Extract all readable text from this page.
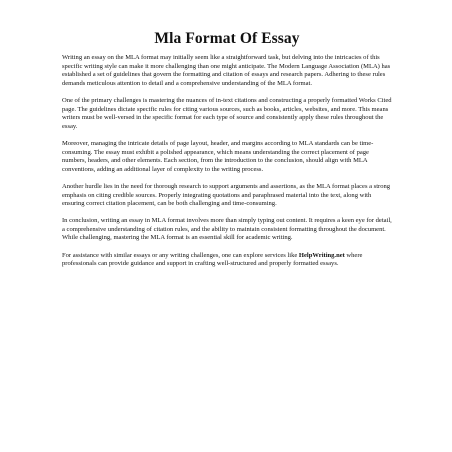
Mla Format Of Essay

Writing an essay on the MLA format may initially seem like a straightforward task, but delving into the intricacies of this specific writing style can make it more challenging than one might anticipate. The Modern Language Association (MLA) has established a set of guidelines that govern the formatting and citation of essays and research papers. Adhering to these rules demands meticulous attention to detail and a comprehensive understanding of the MLA format.

One of the primary challenges is mastering the nuances of in-text citations and constructing a properly formatted Works Cited page. The guidelines dictate specific rules for citing various sources, such as books, articles, websites, and more. This means writers must be well-versed in the specific format for each type of source and consistently apply these rules throughout the essay.

Moreover, managing the intricate details of page layout, header, and margins according to MLA standards can be time-consuming. The essay must exhibit a polished appearance, which means understanding the correct placement of page numbers, headers, and other elements. Each section, from the introduction to the conclusion, should align with MLA conventions, adding an additional layer of complexity to the writing process.

Another hurdle lies in the need for thorough research to support arguments and assertions, as the MLA format places a strong emphasis on citing credible sources. Properly integrating quotations and paraphrased material into the text, along with ensuring correct citation placement, can be both challenging and time-consuming.

In conclusion, writing an essay in MLA format involves more than simply typing out content. It requires a keen eye for detail, a comprehensive understanding of citation rules, and the ability to maintain consistent formatting throughout the document. While challenging, mastering the MLA format is an essential skill for academic writing.

For assistance with similar essays or any writing challenges, one can explore services like HelpWriting.net where professionals can provide guidance and support in crafting well-structured and properly formatted essays.
